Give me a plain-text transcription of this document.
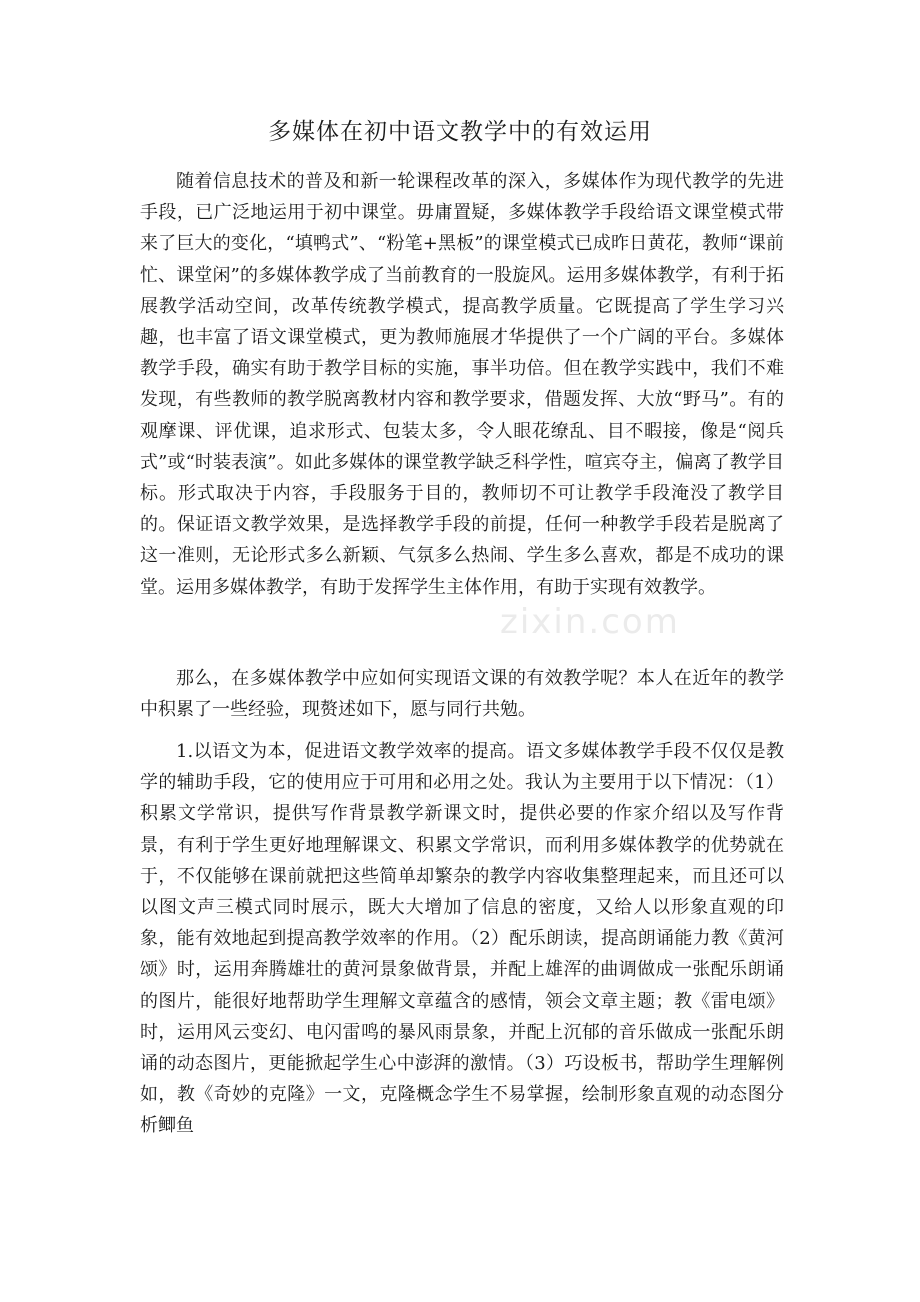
多媒体在初中语文教学中的有效运用

随着信息技术的普及和新一轮课程改革的深入，多媒体作为现代教学的先进手段，已广泛地运用于初中课堂。毋庸置疑，多媒体教学手段给语文课堂模式带来了巨大的变化，“填鸭式”、“粉笔+黑板”的课堂模式已成昨日黄花，教师“课前忙、课堂闲”的多媒体教学成了当前教育的一股旋风。运用多媒体教学，有利于拓展教学活动空间，改革传统教学模式，提高教学质量。它既提高了学生学习兴趣，也丰富了语文课堂模式，更为教师施展才华提供了一个广阔的平台。多媒体教学手段，确实有助于教学目标的实施，事半功倍。但在教学实践中，我们不难发现，有些教师的教学脱离教材内容和教学要求，借题发挥、大放“野马”。有的观摩课、评优课，追求形式、包装太多，令人眼花缭乱、目不暇接，像是“阅兵式”或“时装表演”。如此多媒体的课堂教学缺乏科学性，喧宾夺主，偏离了教学目标。形式取决于内容，手段服务于目的，教师切不可让教学手段淹没了教学目的。保证语文教学效果，是选择教学手段的前提，任何一种教学手段若是脱离了这一准则，无论形式多么新颖、气氛多么热闹、学生多么喜欢，都是不成功的课堂。运用多媒体教学，有助于发挥学生主体作用，有助于实现有效教学。

那么，在多媒体教学中应如何实现语文课的有效教学呢？本人在近年的教学中积累了一些经验，现赘述如下，愿与同行共勉。

1.以语文为本，促进语文教学效率的提高。语文多媒体教学手段不仅仅是教学的辅助手段，它的使用应于可用和必用之处。我认为主要用于以下情况：（1）积累文学常识，提供写作背景教学新课文时，提供必要的作家介绍以及写作背景，有利于学生更好地理解课文、积累文学常识，而利用多媒体教学的优势就在于，不仅能够在课前就把这些简单却繁杂的教学内容收集整理起来，而且还可以以图文声三模式同时展示，既大大增加了信息的密度，又给人以形象直观的印象，能有效地起到提高教学效率的作用。（2）配乐朗读，提高朗诵能力教《黄河颂》时，运用奔腾雄壮的黄河景象做背景，并配上雄浑的曲调做成一张配乐朗诵的图片，能很好地帮助学生理解文章蕴含的感情，领会文章主题；教《雷电颂》时，运用风云变幻、电闪雷鸣的暴风雨景象，并配上沉郁的音乐做成一张配乐朗诵的动态图片，更能掀起学生心中澎湃的激情。（3）巧设板书，帮助学生理解例如，教《奇妙的克隆》一文，克隆概念学生不易掌握，绘制形象直观的动态图分析鲫鱼

zixin.com
